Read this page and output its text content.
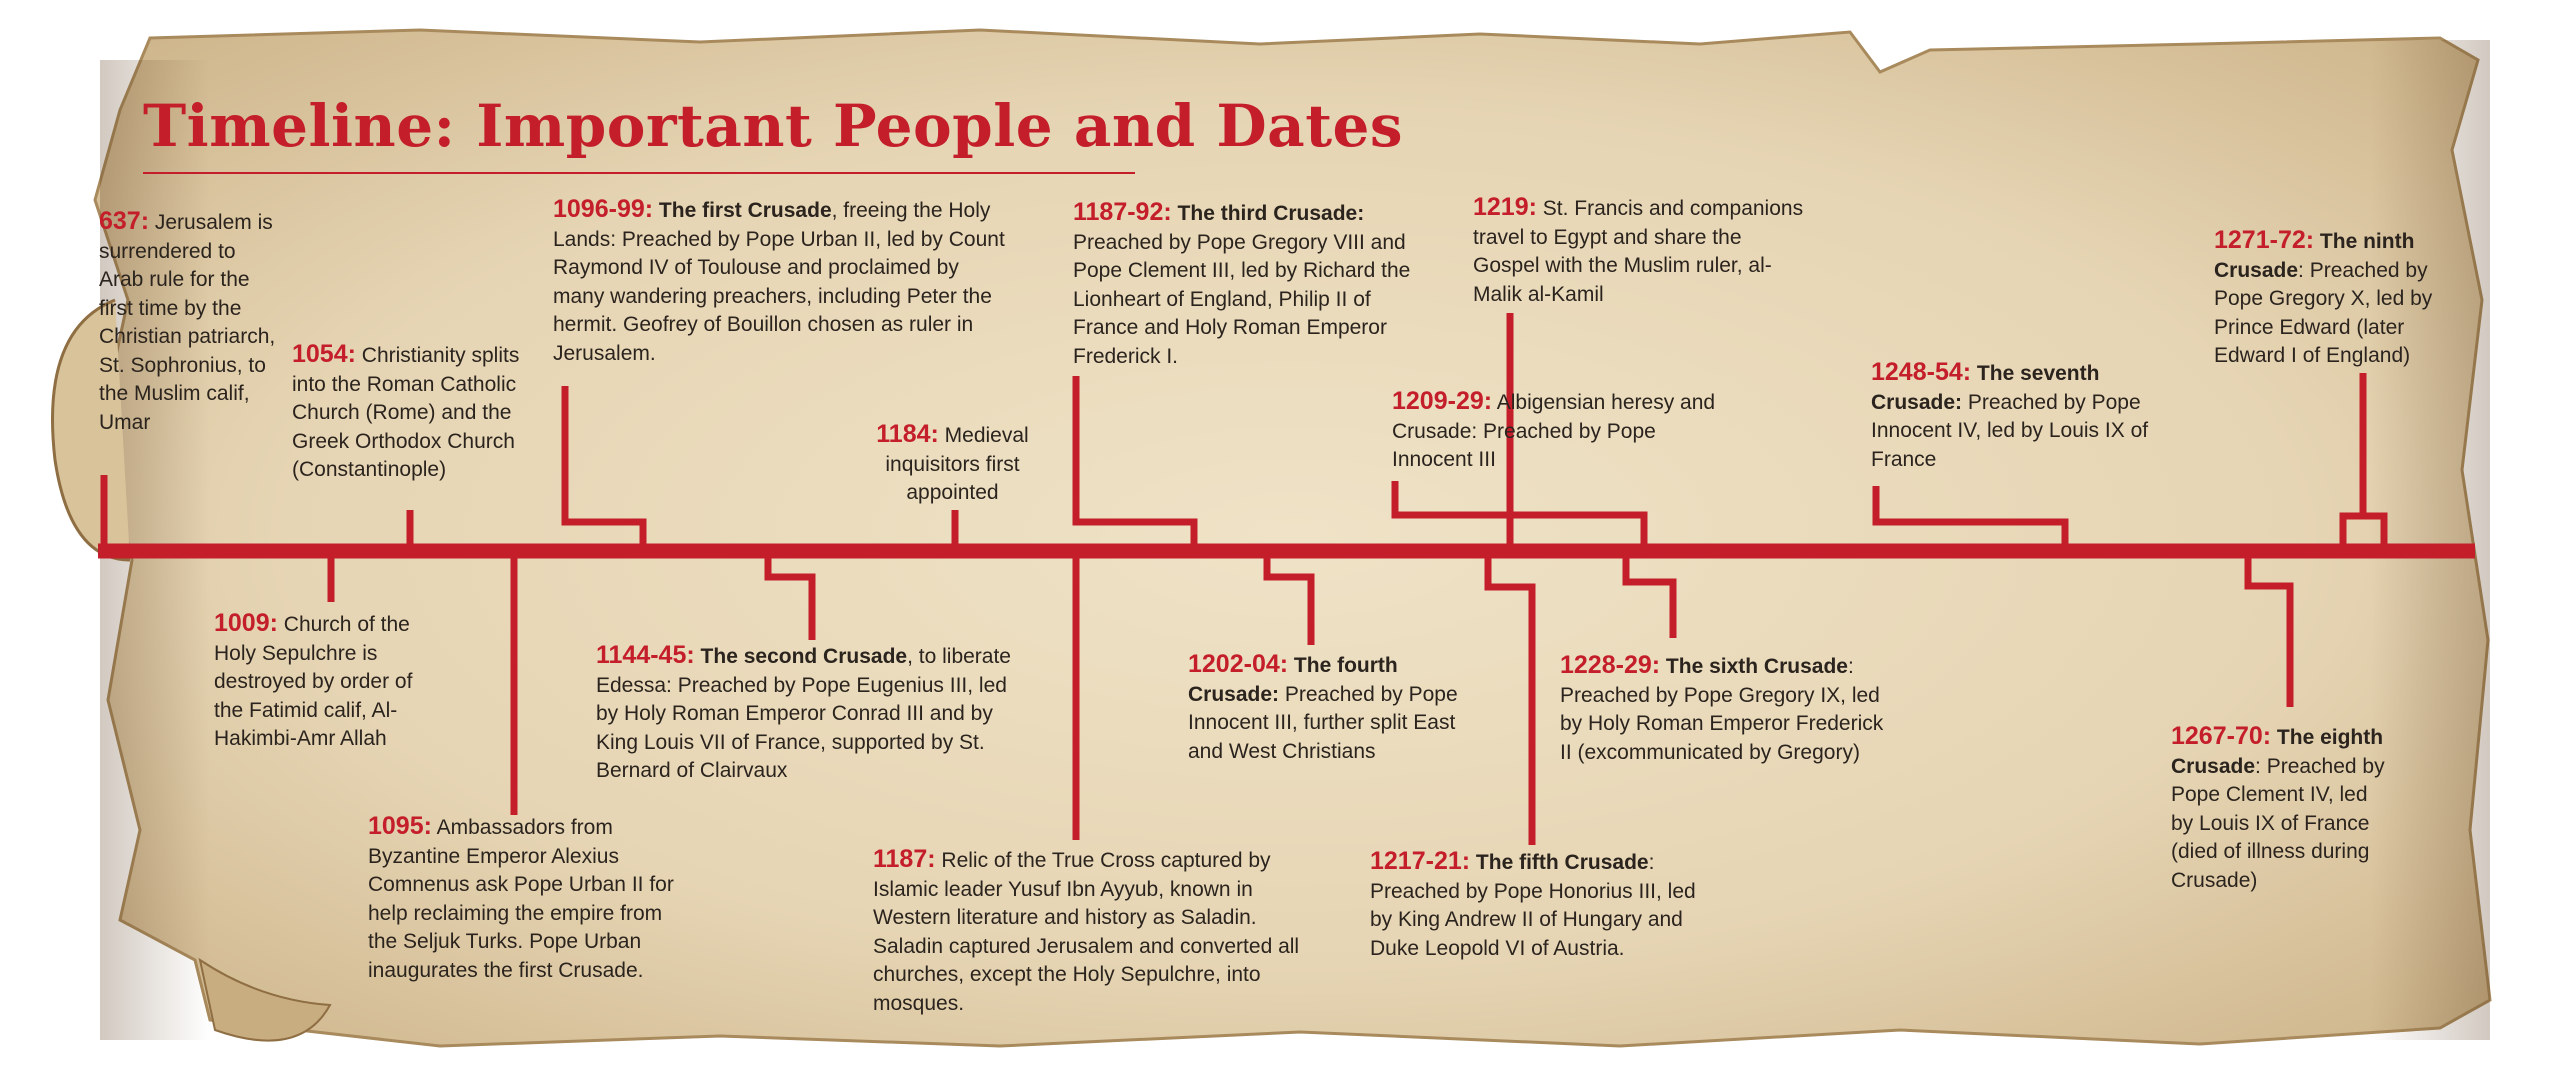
Timeline: Important People and Dates
637: Jerusalem is surrendered to Arab rule for the first time by the Christian patriarch, St. Sophronius, to the Muslim calif, Umar
1009: Church of the Holy Sepulchre is destroyed by order of the Fatimid calif, Al-Hakimbi-Amr Allah
1054: Christianity splits into the Roman Catholic Church (Rome) and the Greek Orthodox Church (Constantinople)
1095: Ambassadors from Byzantine Emperor Alexius Comnenus ask Pope Urban II for help reclaiming the empire from the Seljuk Turks. Pope Urban inaugurates the first Crusade.
1096-99: The first Crusade, freeing the Holy Lands: Preached by Pope Urban II, led by Count Raymond IV of Toulouse and proclaimed by many wandering preachers, including Peter the hermit. Geofrey of Bouillon chosen as ruler in Jerusalem.
1144-45: The second Crusade, to liberate Edessa: Preached by Pope Eugenius III, led by Holy Roman Emperor Conrad III and by King Louis VII of France, supported by St. Bernard of Clairvaux
1184: Medieval inquisitors first appointed
1187: Relic of the True Cross captured by Islamic leader Yusuf Ibn Ayyub, known in Western literature and history as Saladin. Saladin captured Jerusalem and converted all churches, except the Holy Sepulchre, into mosques.
1187-92: The third Crusade: Preached by Pope Gregory VIII and Pope Clement III, led by Richard the Lionheart of England, Philip II of France and Holy Roman Emperor Frederick I.
1202-04: The fourth Crusade: Preached by Pope Innocent III, further split East and West Christians
1209-29: Albigensian heresy and Crusade: Preached by Pope Innocent III
1217-21: The fifth Crusade: Preached by Pope Honorius III, led by King Andrew II of Hungary and Duke Leopold VI of Austria.
1219: St. Francis and companions travel to Egypt and share the Gospel with the Muslim ruler, al-Malik al-Kamil
1228-29: The sixth Crusade: Preached by Pope Gregory IX, led by Holy Roman Emperor Frederick II (excommunicated by Gregory)
1248-54: The seventh Crusade: Preached by Pope Innocent IV, led by Louis IX of France
1267-70: The eighth Crusade: Preached by Pope Clement IV, led by Louis IX of France (died of illness during Crusade)
1271-72: The ninth Crusade: Preached by Pope Gregory X, led by Prince Edward (later Edward I of England)
